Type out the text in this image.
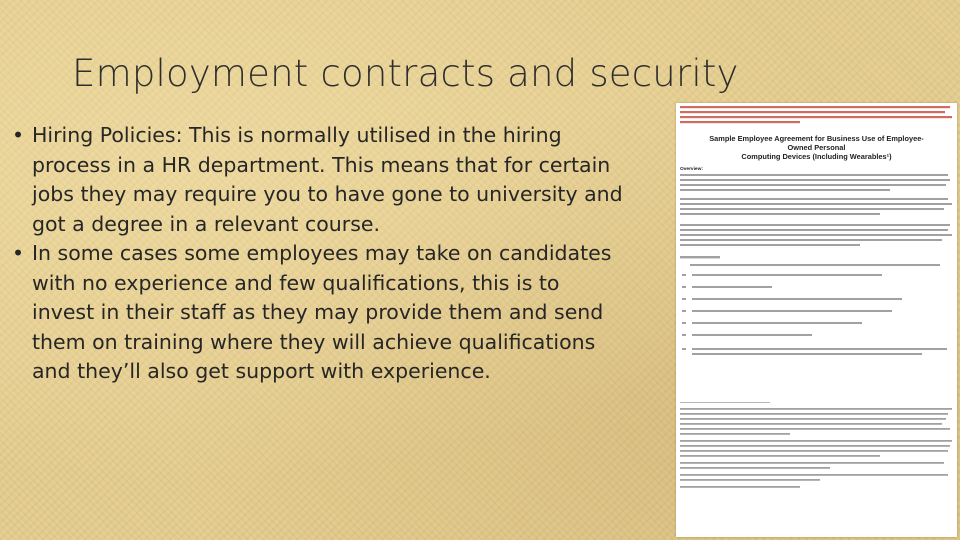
Employment contracts and security
• Hiring Policies: This is normally utilised in the hiring
process in a HR department. This means that for certain
jobs they may require you to have gone to university and
got a degree in a relevant course.
• In some cases some employees may take on candidates
with no experience and few qualifications, this is to
invest in their staff as they may provide them and send
them on training where they will achieve qualifications
and they’ll also get support with experience.
Sample Employee Agreement for Business Use of Employee-Owned Personal
Computing Devices (Including Wearables¹)
Overview:
